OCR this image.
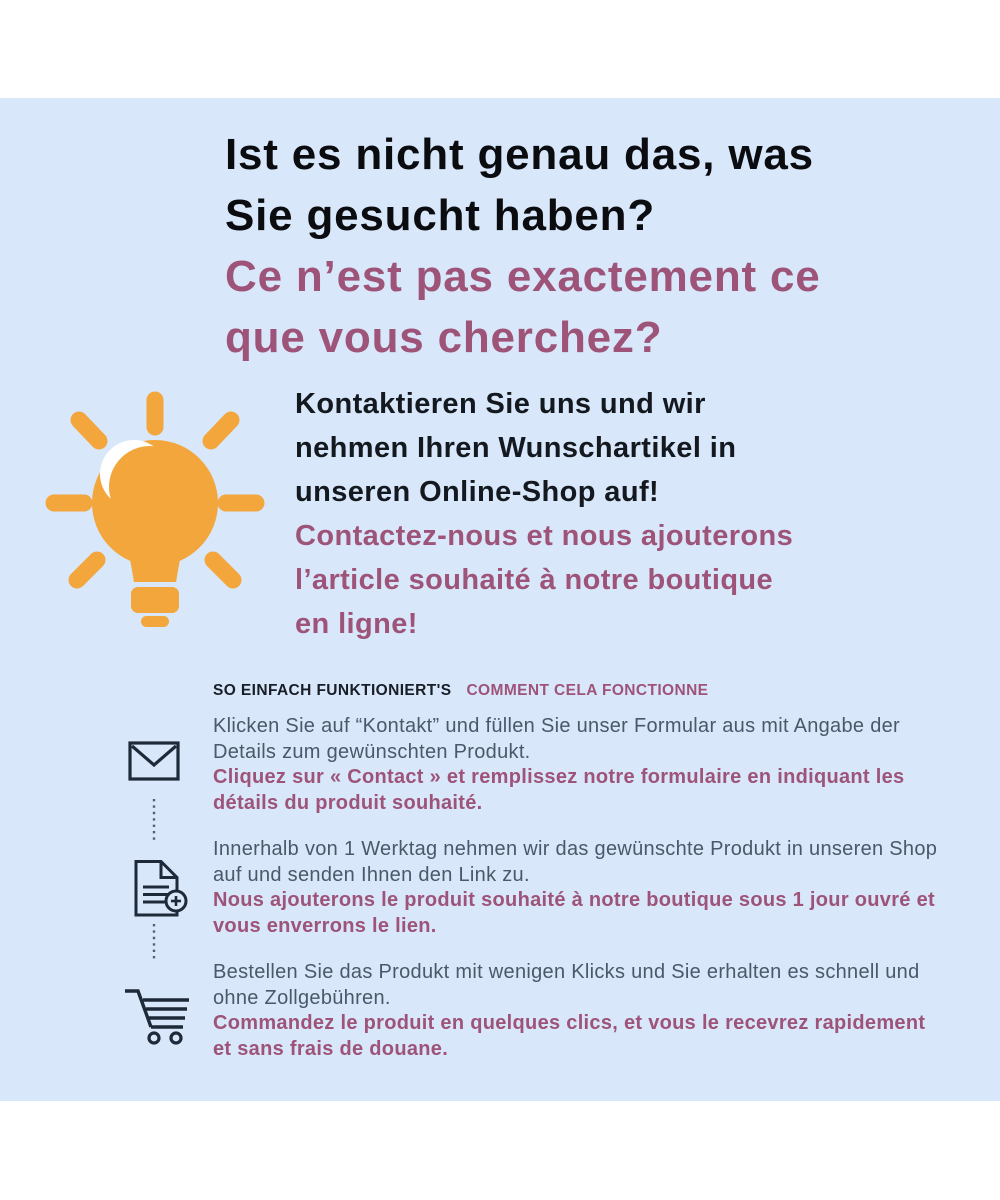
Ist es nicht genau das, was
Sie gesucht haben?
Ce n’est pas exactement ce
que vous cherchez?
Kontaktieren Sie uns und wir
nehmen Ihren Wunschartikel in
unseren Online-Shop auf!
Contactez-nous et nous ajouterons
l’article souhaité à notre boutique
en ligne!
SO EINFACH FUNKTIONIERT'S COMMENT CELA FONCTIONNE
Klicken Sie auf “Kontakt” und füllen Sie unser Formular aus mit Angabe der Details zum gewünschten Produkt.
Cliquez sur « Contact » et remplissez notre formulaire en indiquant les détails du produit souhaité.
Innerhalb von 1 Werktag nehmen wir das gewünschte Produkt in unseren Shop auf und senden Ihnen den Link zu.
Nous ajouterons le produit souhaité à notre boutique sous 1 jour ouvré et vous enverrons le lien.
Bestellen Sie das Produkt mit wenigen Klicks und Sie erhalten es schnell und ohne Zollgebühren.
Commandez le produit en quelques clics, et vous le recevrez rapidement et sans frais de douane.
